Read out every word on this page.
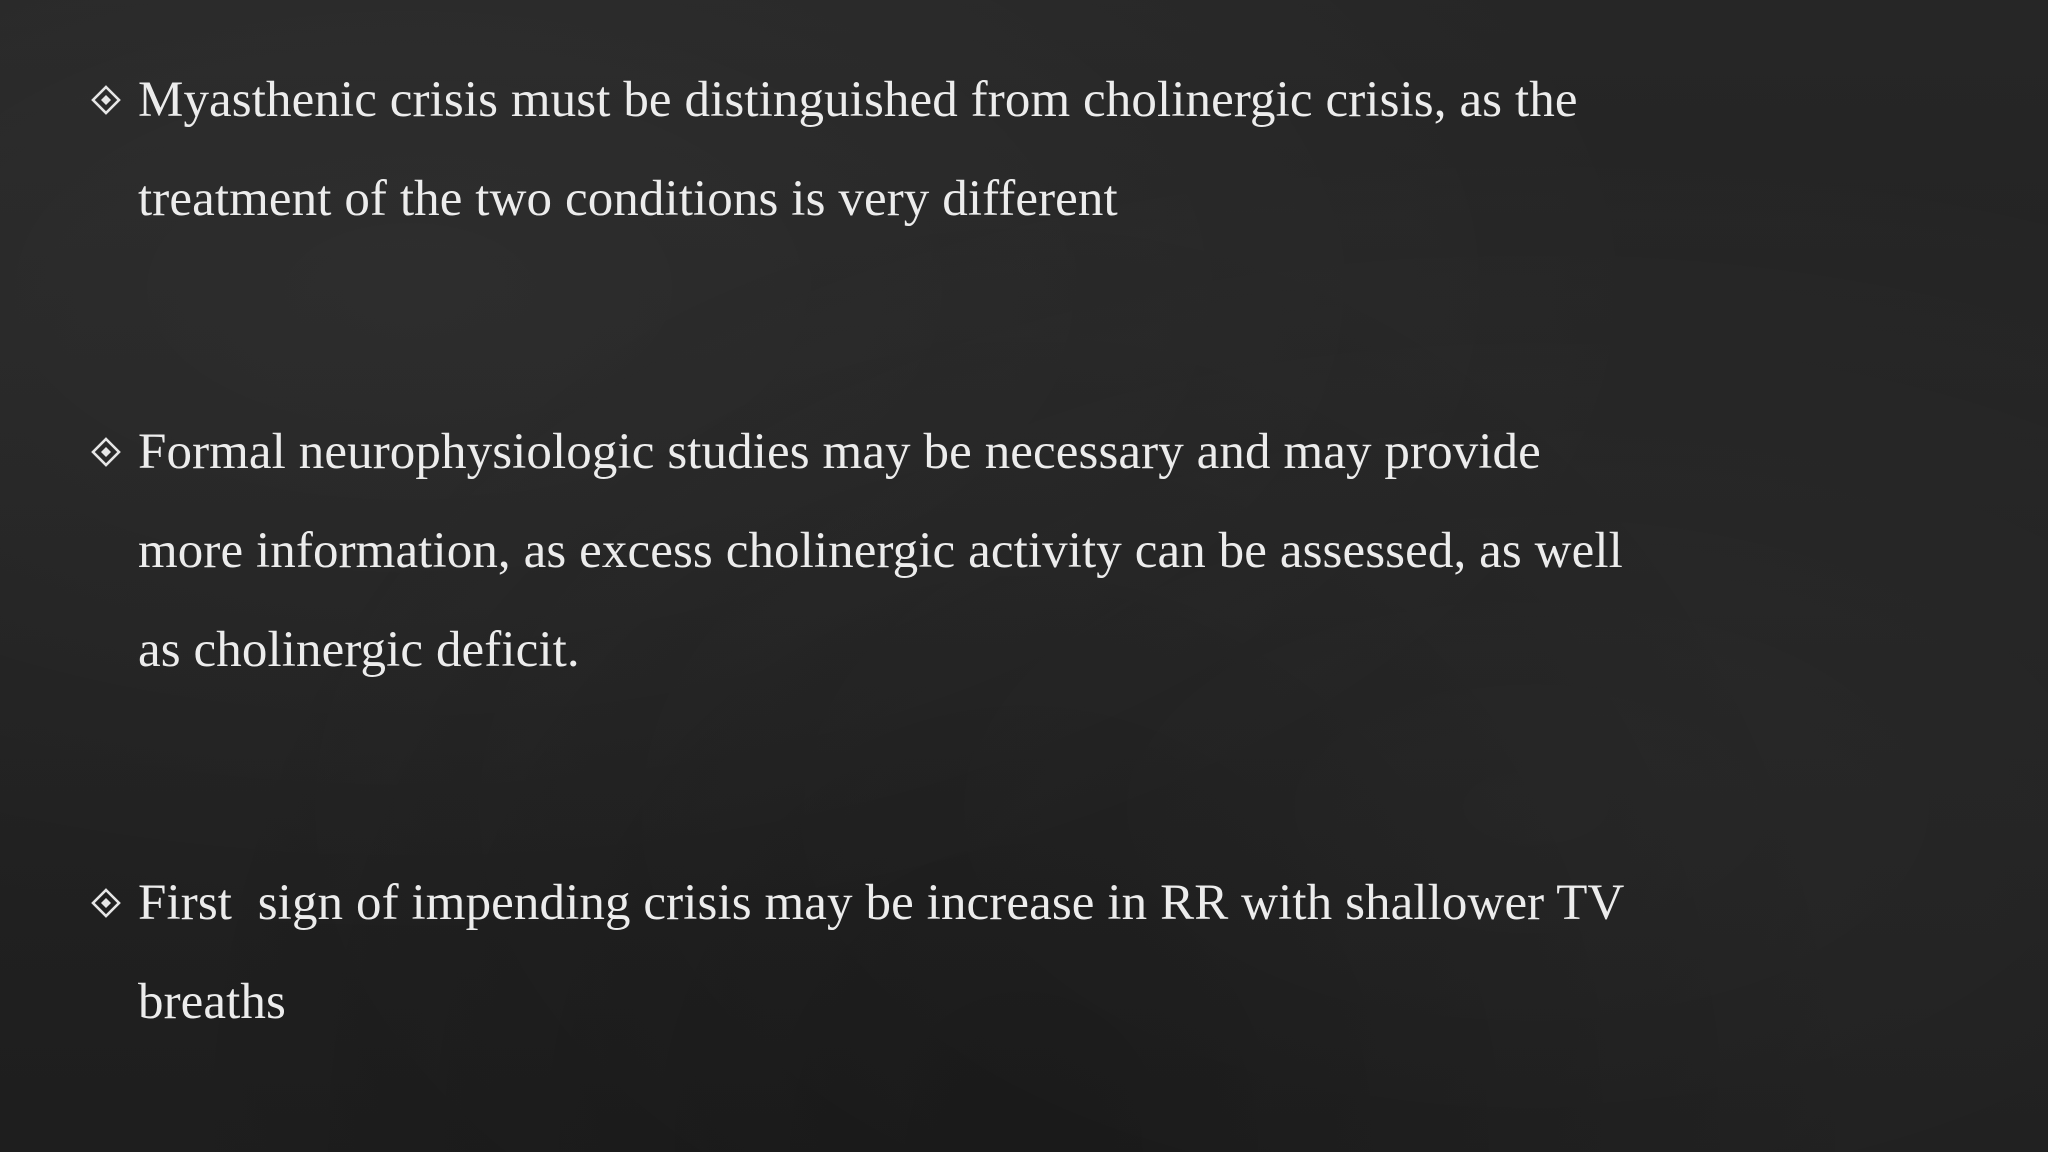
Myasthenic crisis must be distinguished from cholinergic crisis, as the
treatment of the two conditions is very different
Formal neurophysiologic studies may be necessary and may provide
more information, as excess cholinergic activity can be assessed, as well
as cholinergic deficit.
First  sign of impending crisis may be increase in RR with shallower TV
breaths
